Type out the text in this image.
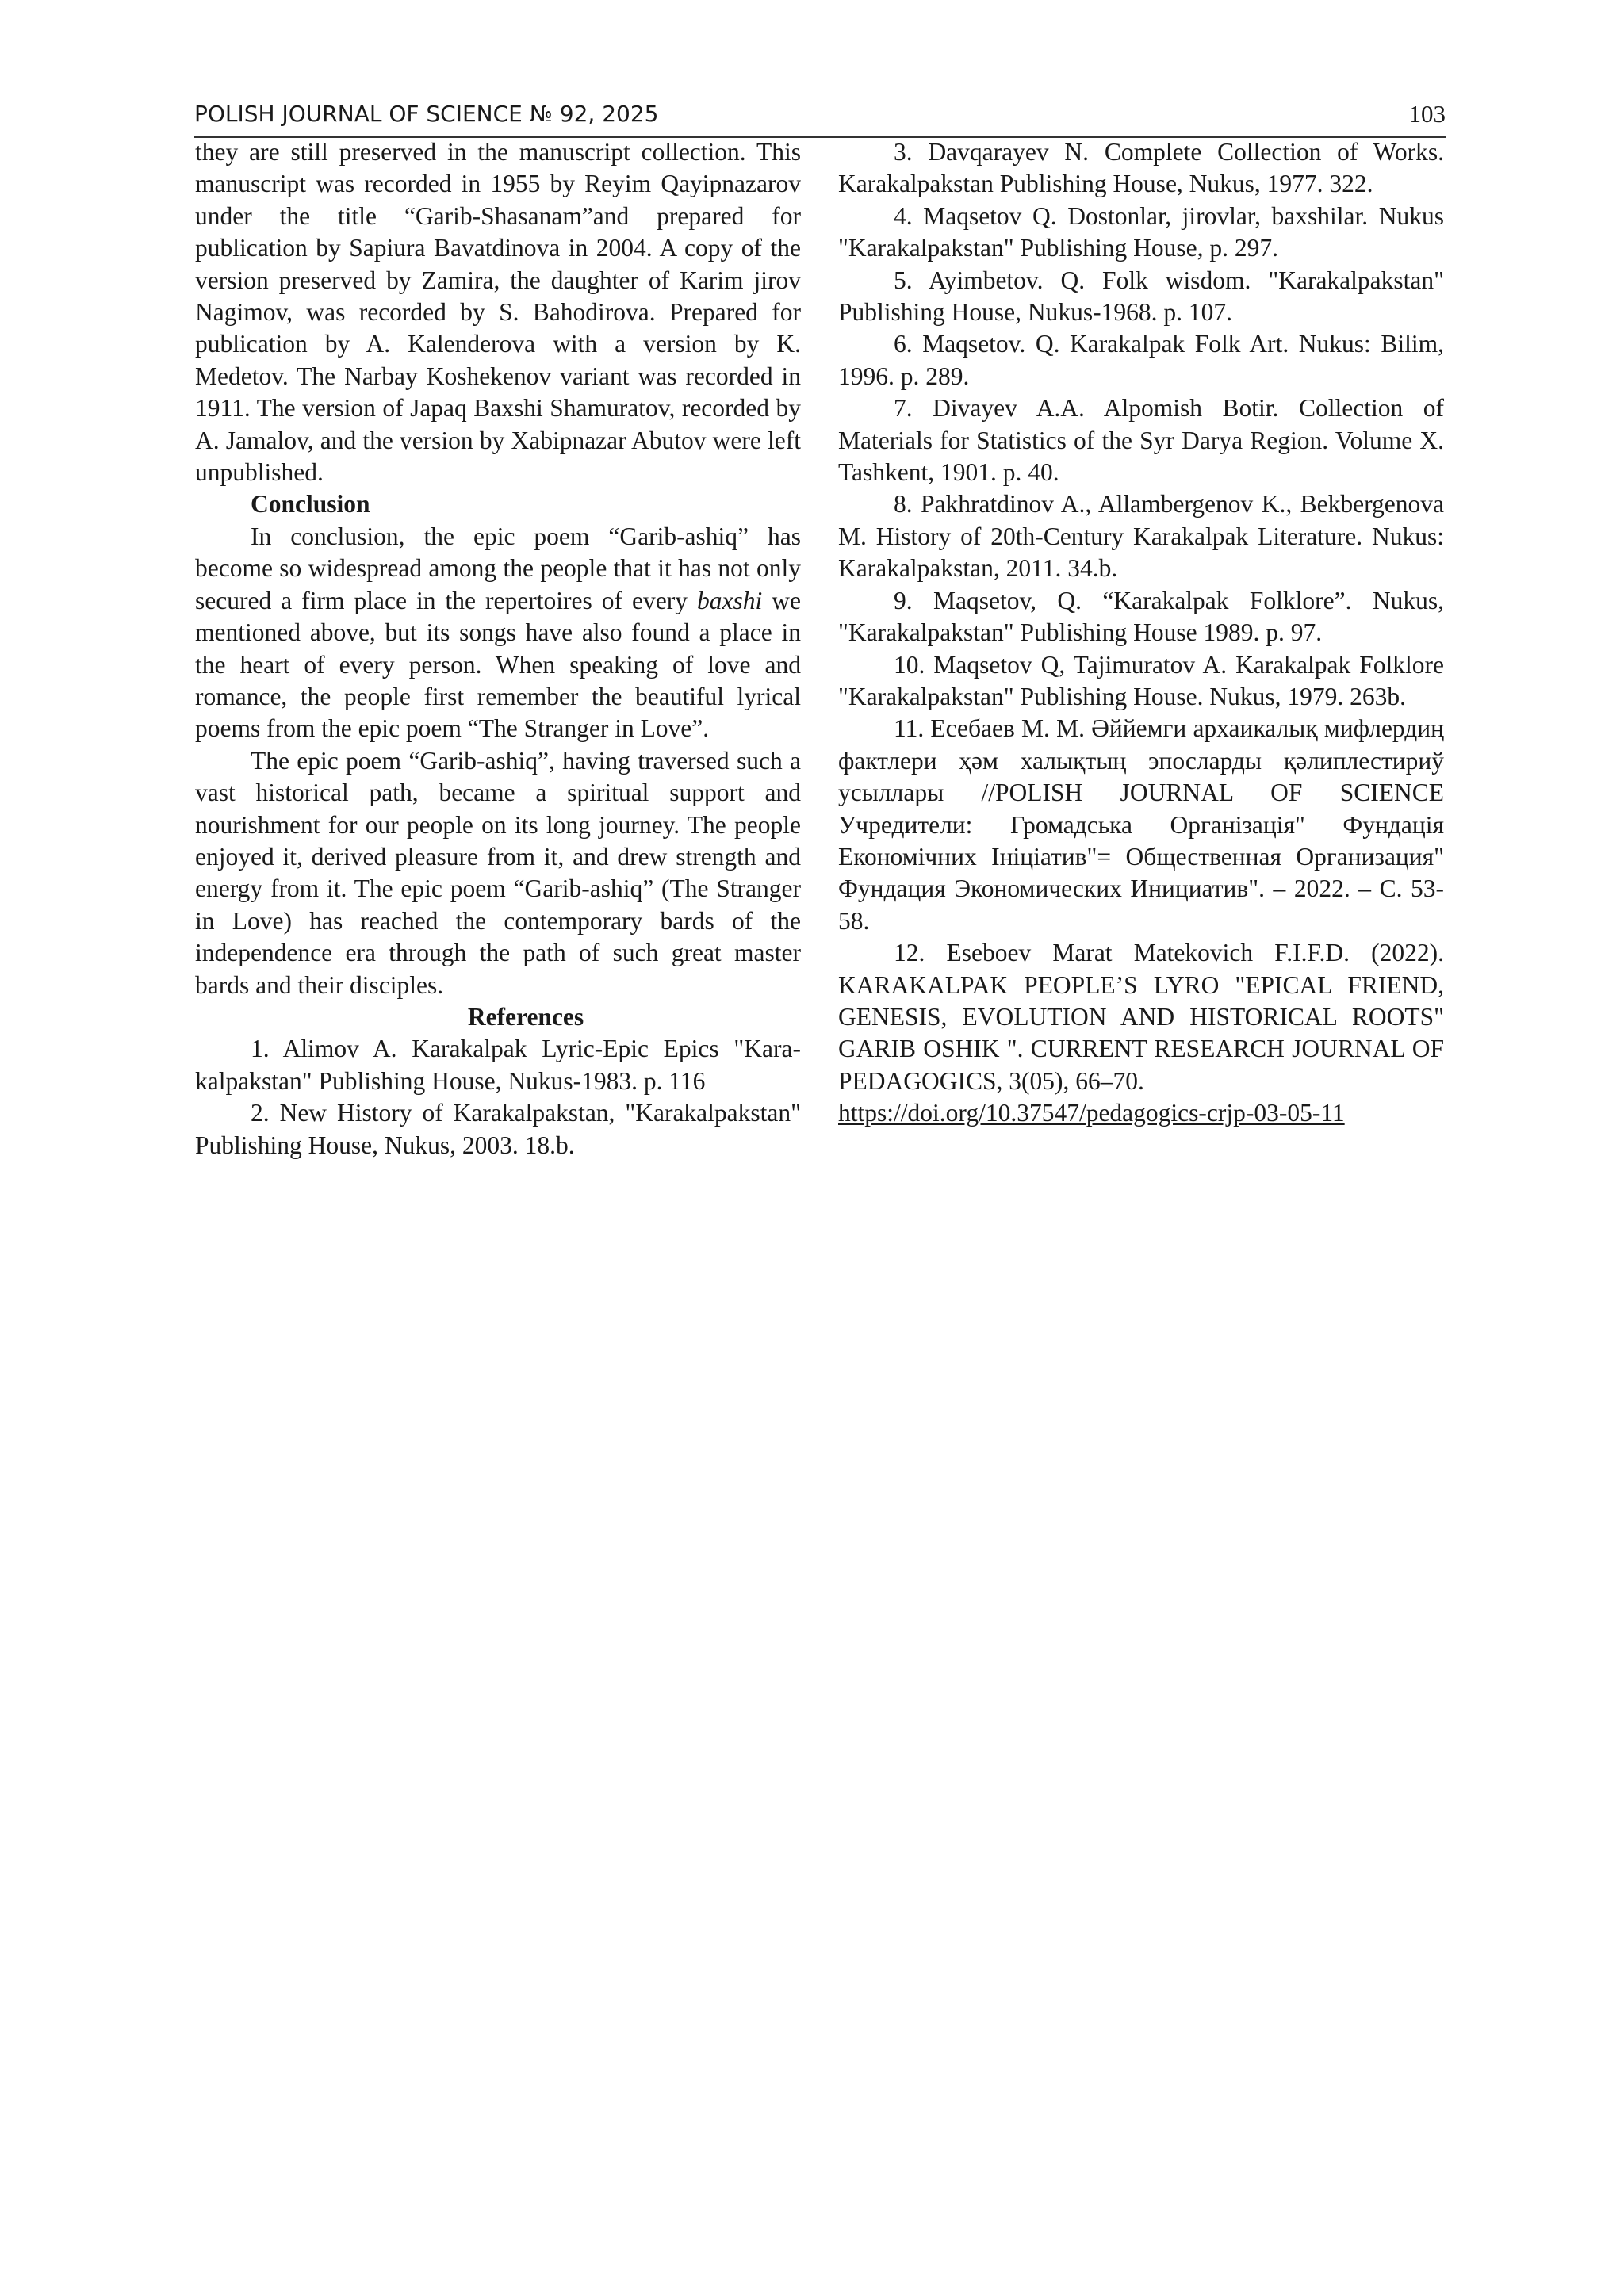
POLISH JOURNAL OF SCIENCE № 92, 2025	103

they are still preserved in the manuscript collection. This manuscript was recorded in 1955 by Reyim Qayipnazarov under the title “Garib-Shasanam”and prepared for publication by Sapiura Bavatdinova in 2004. A copy of the version preserved by Zamira, the daughter of Karim jirov Nagimov, was recorded by S. Bahodirova. Prepared for publication by A. Kalenderova with a version by K. Medetov. The Narbay Koshekenov variant was recorded in 1911. The version of Japaq Baxshi Shamuratov, recorded by A. Jamalov, and the version by Xabipnazar Abutov were left unpublished.

Conclusion

In conclusion, the epic poem “Garib-ashiq” has become so widespread among the people that it has not only secured a firm place in the repertoires of every baxshi we mentioned above, but its songs have also found a place in the heart of every person. When speaking of love and romance, the people first remember the beautiful lyrical poems from the epic poem “The Stranger in Love”.

The epic poem “Garib-ashiq”, having traversed such a vast historical path, became a spiritual support and nourishment for our people on its long journey. The people enjoyed it, derived pleasure from it, and drew strength and energy from it. The epic poem “Garib-ashiq” (The Stranger in Love) has reached the contemporary bards of the independence era through the path of such great master bards and their disciples.

References

1. Alimov A. Karakalpak Lyric-Epic Epics "Karakalpakstan" Publishing House, Nukus-1983. p. 116

2. New History of Karakalpakstan, "Karakalpakstan" Publishing House, Nukus, 2003. 18.b.

3. Davqarayev N. Complete Collection of Works. Karakalpakstan Publishing House, Nukus, 1977. 322.

4. Maqsetov Q. Dostonlar, jirovlar, baxshilar. Nukus "Karakalpakstan" Publishing House, p. 297.

5. Ayimbetov. Q. Folk wisdom. "Karakalpakstan" Publishing House, Nukus-1968. p. 107.

6. Maqsetov. Q. Karakalpak Folk Art. Nukus: Bilim, 1996. p. 289.

7. Divayev A.A. Alpomish Botir. Collection of Materials for Statistics of the Syr Darya Region. Volume X. Tashkent, 1901. p. 40.

8. Pakhratdinov A., Allambergenov K., Bekbergenova M. History of 20th-Century Karakalpak Literature. Nukus: Karakalpakstan, 2011. 34.b.

9. Maqsetov, Q. “Karakalpak Folklore”. Nukus, "Karakalpakstan" Publishing House 1989. p. 97.

10. Maqsetov Q, Tajimuratov A. Karakalpak Folklore "Karakalpakstan" Publishing House. Nukus, 1979. 263b.

11. Есебаев М. М. Әййемги архаикалық мифлердиң фактлери ҳәм халықтың эпосларды қәлиплестириў усыллары //POLISH JOURNAL OF SCIENCE Учредители: Громадська Організація" Фундація Економічних Ініціатив"= Общественная Организация" Фундация Экономических Инициатив". – 2022. – С. 53-58.

12. Eseboev Marat Matekovich F.I.F.D. (2022). KARAKALPAK PEOPLE’S LYRO "EPICAL FRIEND, GENESIS, EVOLUTION AND HISTORICAL ROOTS" GARIB OSHIK ". CURRENT RESEARCH JOURNAL OF PEDAGOGICS, 3(05), 66–70.

https://doi.org/10.37547/pedagogics-crjp-03-05-11
